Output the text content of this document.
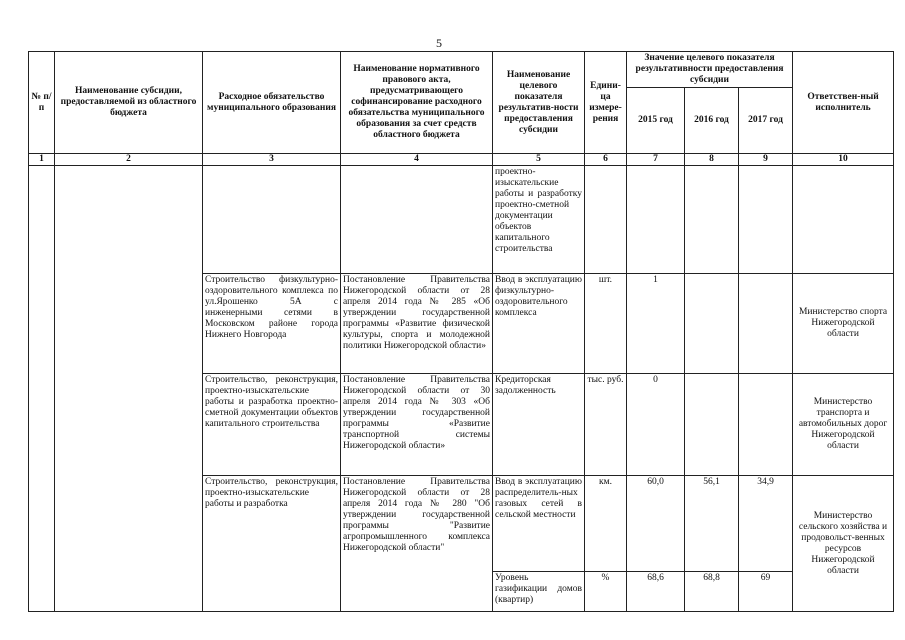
5
№ п/п	Наименование субсидии, предоставляемой из областного бюджета	Расходное обязательство муниципального образования	Наименование нормативного правового акта, предусматривающего софинансирование расходного обязательства муниципального образования за счет средств областного бюджета	Наименование целевого показателя результатив-ности предоставления субсидии	Едини-ца измере-рения	Значение целевого показателя результативности предоставления субсидии			Ответствен-ный исполнитель
						2015 год	2016 год	2017 год	
1	2	3	4	5	6	7	8	9	10
				проектно-изыскательские работы и разработку проектно-сметной документации объектов капитального строительства					
		Строительство физкультурно-оздоровительного комплекса по ул.Ярошенко 5А с инженерными сетями в Московском районе города Нижнего Новгорода	Постановление Правительства Нижегородской области от 28 апреля 2014 года № 285 «Об утверждении государственной программы «Развитие физической культуры, спорта и молодежной политики Нижегородской области»	Ввод в эксплуатацию физкультурно-оздоровительного комплекса	шт.	1			Министерство спорта Нижегородской области
		Строительство, реконструкция, проектно-изыскательские работы и разработка проектно-сметной документации объектов капитального строительства	Постановление Правительства Нижегородской области от 30 апреля 2014 года № 303 «Об утверждении государственной программы «Развитие транспортной системы Нижегородской области»	Кредиторская задолженность	тыс. руб.	0			Министерство транспорта и автомобильных дорог Нижегородской области
		Строительство, реконструкция, проектно-изыскательские работы и разработка	Постановление Правительства Нижегородской области от 28 апреля 2014 года № 280 "Об утверждении государственной программы "Развитие агропромышленного комплекса Нижегородской области"	Ввод в эксплуатацию распределитель-ных газовых сетей в сельской местности	км.	60,0	56,1	34,9	Министерство сельского хозяйства и продовольст-венных ресурсов Нижегородской области
				Уровень газификации домов (квартир)	%	68,6	68,8	69	
